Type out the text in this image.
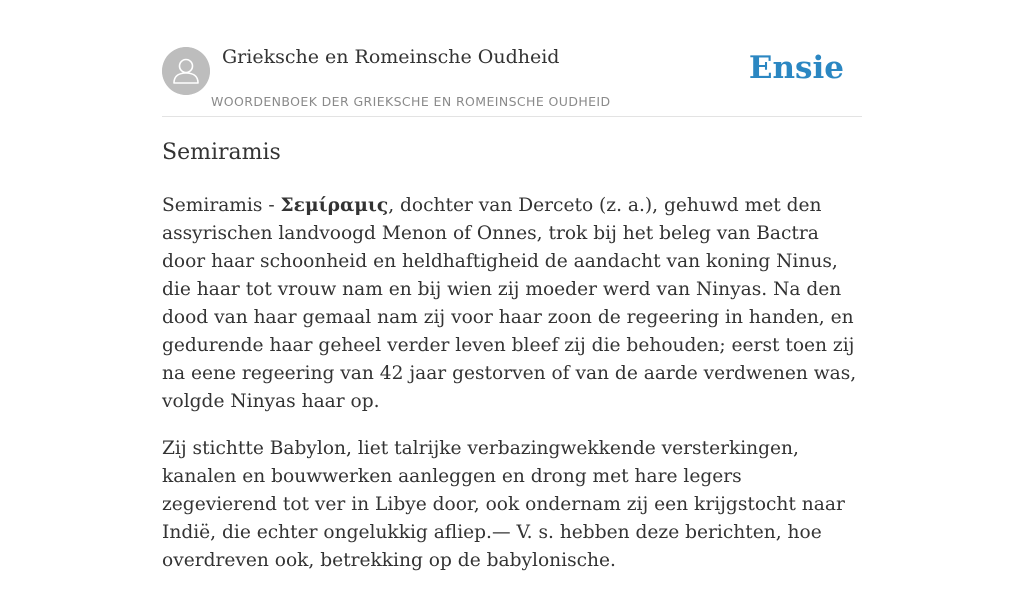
Grieksche en Romeinsche Oudheid
WOORDENBOEK DER GRIEKSCHE EN ROMEINSCHE OUDHEID
Ensie
Semiramis

Semiramis - Σεμίραμις, dochter van Derceto (z. a.), gehuwd met den assyrischen landvoogd Menon of Onnes, trok bij het beleg van Bactra door haar schoonheid en heldhaftigheid de aandacht van koning Ninus, die haar tot vrouw nam en bij wien zij moeder werd van Ninyas. Na den dood van haar gemaal nam zij voor haar zoon de regeering in handen, en gedurende haar geheel verder leven bleef zij die behouden; eerst toen zij na eene regeering van 42 jaar gestorven of van de aarde verdwenen was, volgde Ninyas haar op.

Zij stichtte Babylon, liet talrijke verbazingwekkende versterkingen, kanalen en bouwwerken aanleggen en drong met hare legers zegevierend tot ver in Libye door, ook ondernam zij een krijgstocht naar Indië, die echter ongelukkig afliep.— V. s. hebben deze berichten, hoe overdreven ook, betrekking op de babylonische.
